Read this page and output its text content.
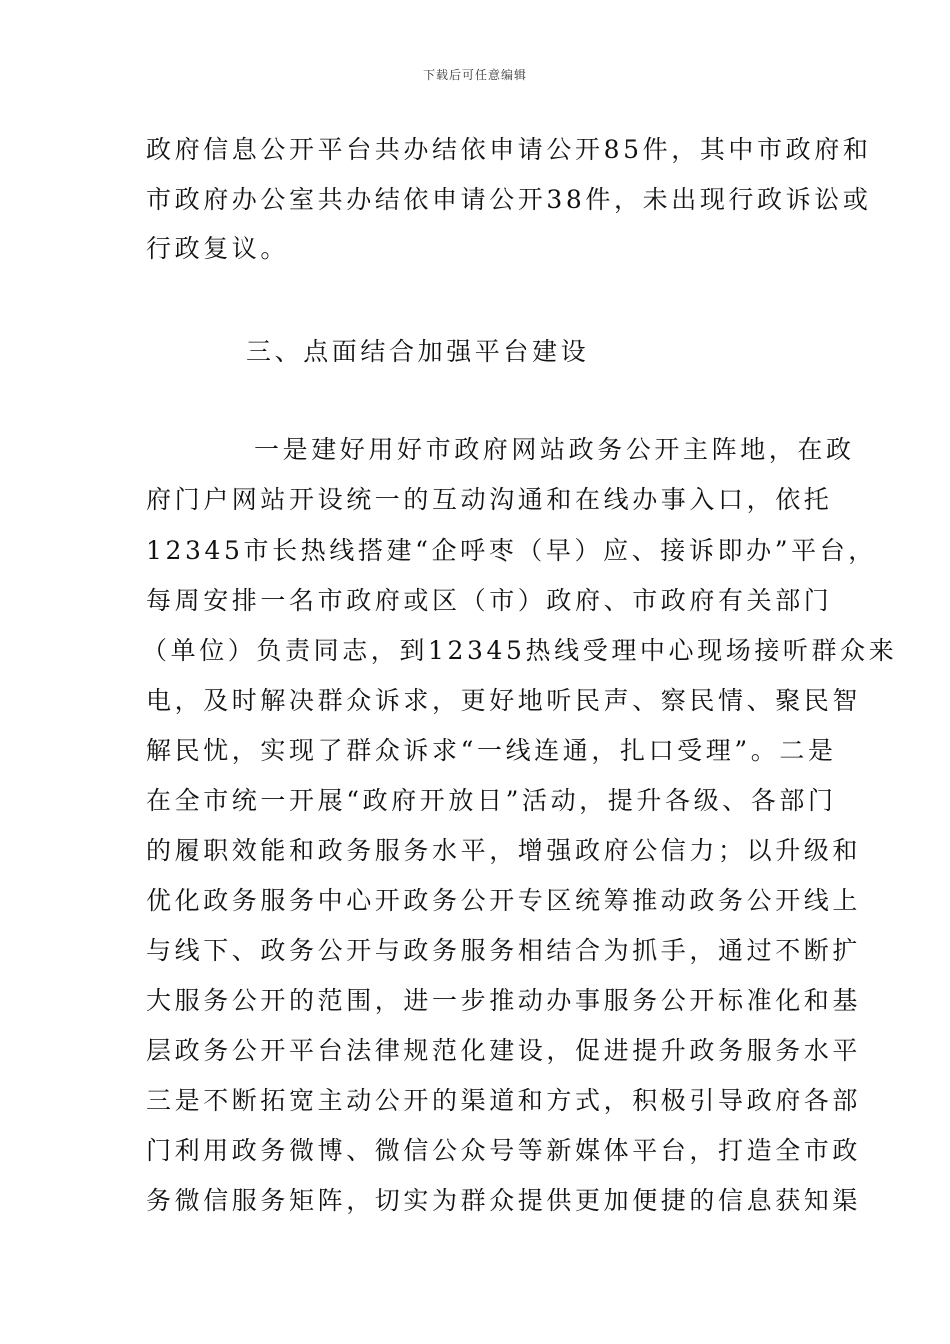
下载后可任意编辑
政府信息公开平台共办结依申请公开85件，其中市政府和
市政府办公室共办结依申请公开38件，未出现行政诉讼或
行政复议。
三、点面结合加强平台建设
一是建好用好市政府网站政务公开主阵地，在政
府门户网站开设统一的互动沟通和在线办事入口，依托
12345市长热线搭建“企呼枣（早）应、接诉即办”平台，
每周安排一名市政府或区（市）政府、市政府有关部门
（单位）负责同志，到12345热线受理中心现场接听群众来
电，及时解决群众诉求，更好地听民声、察民情、聚民智
解民忧，实现了群众诉求“一线连通，扎口受理”。二是
在全市统一开展“政府开放日”活动，提升各级、各部门
的履职效能和政务服务水平，增强政府公信力；以升级和
优化政务服务中心开政务公开专区统筹推动政务公开线上
与线下、政务公开与政务服务相结合为抓手，通过不断扩
大服务公开的范围，进一步推动办事服务公开标准化和基
层政务公开平台法律规范化建设，促进提升政务服务水平
三是不断拓宽主动公开的渠道和方式，积极引导政府各部
门利用政务微博、微信公众号等新媒体平台，打造全市政
务微信服务矩阵，切实为群众提供更加便捷的信息获知渠
